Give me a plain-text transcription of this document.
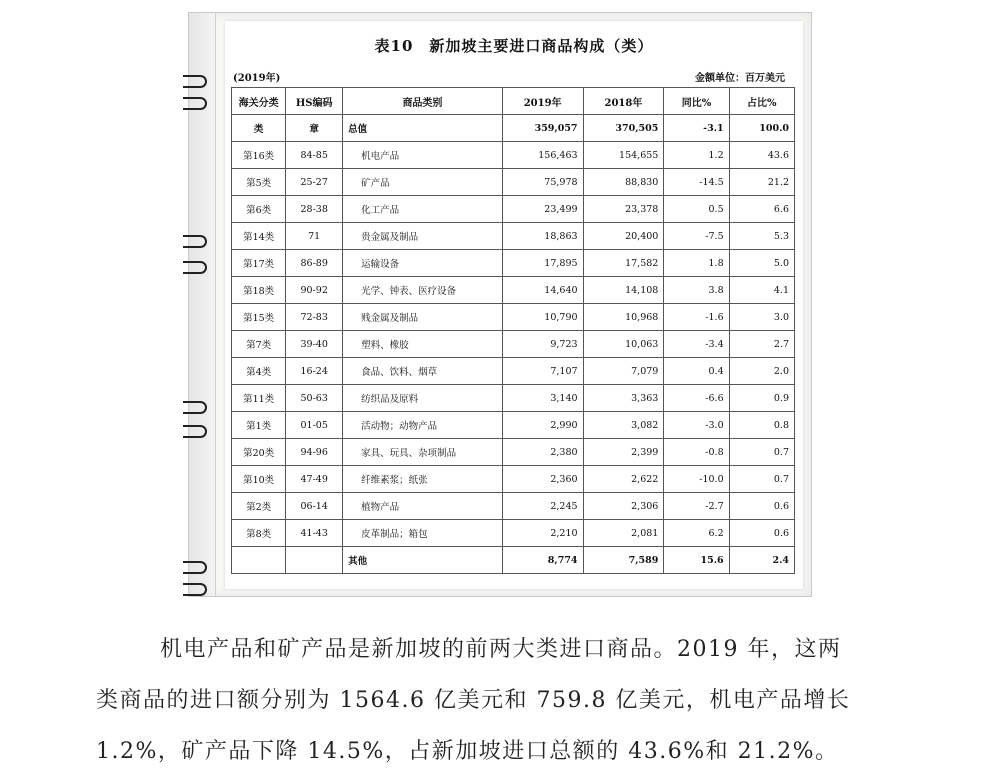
表10　新加坡主要进口商品构成（类）
(2019年)	金额单位：百万美元
海关分类	HS编码	商品类别	2019年	2018年	同比%	占比%
类	章	总值	359,057	370,505	-3.1	100.0
第16类	84-85	机电产品	156,463	154,655	1.2	43.6
第5类	25-27	矿产品	75,978	88,830	-14.5	21.2
第6类	28-38	化工产品	23,499	23,378	0.5	6.6
第14类	71	贵金属及制品	18,863	20,400	-7.5	5.3
第17类	86-89	运输设备	17,895	17,582	1.8	5.0
第18类	90-92	光学、钟表、医疗设备	14,640	14,108	3.8	4.1
第15类	72-83	贱金属及制品	10,790	10,968	-1.6	3.0
第7类	39-40	塑料、橡胶	9,723	10,063	-3.4	2.7
第4类	16-24	食品、饮料、烟草	7,107	7,079	0.4	2.0
第11类	50-63	纺织品及原料	3,140	3,363	-6.6	0.9
第1类	01-05	活动物；动物产品	2,990	3,082	-3.0	0.8
第20类	94-96	家具、玩具、杂项制品	2,380	2,399	-0.8	0.7
第10类	47-49	纤维素浆；纸张	2,360	2,622	-10.0	0.7
第2类	06-14	植物产品	2,245	2,306	-2.7	0.6
第8类	41-43	皮革制品；箱包	2,210	2,081	6.2	0.6
		其他	8,774	7,589	15.6	2.4
机电产品和矿产品是新加坡的前两大类进口商品。2019 年，这两
类商品的进口额分别为 1564.6 亿美元和 759.8 亿美元，机电产品增长
1.2%，矿产品下降 14.5%，占新加坡进口总额的 43.6%和 21.2%。
